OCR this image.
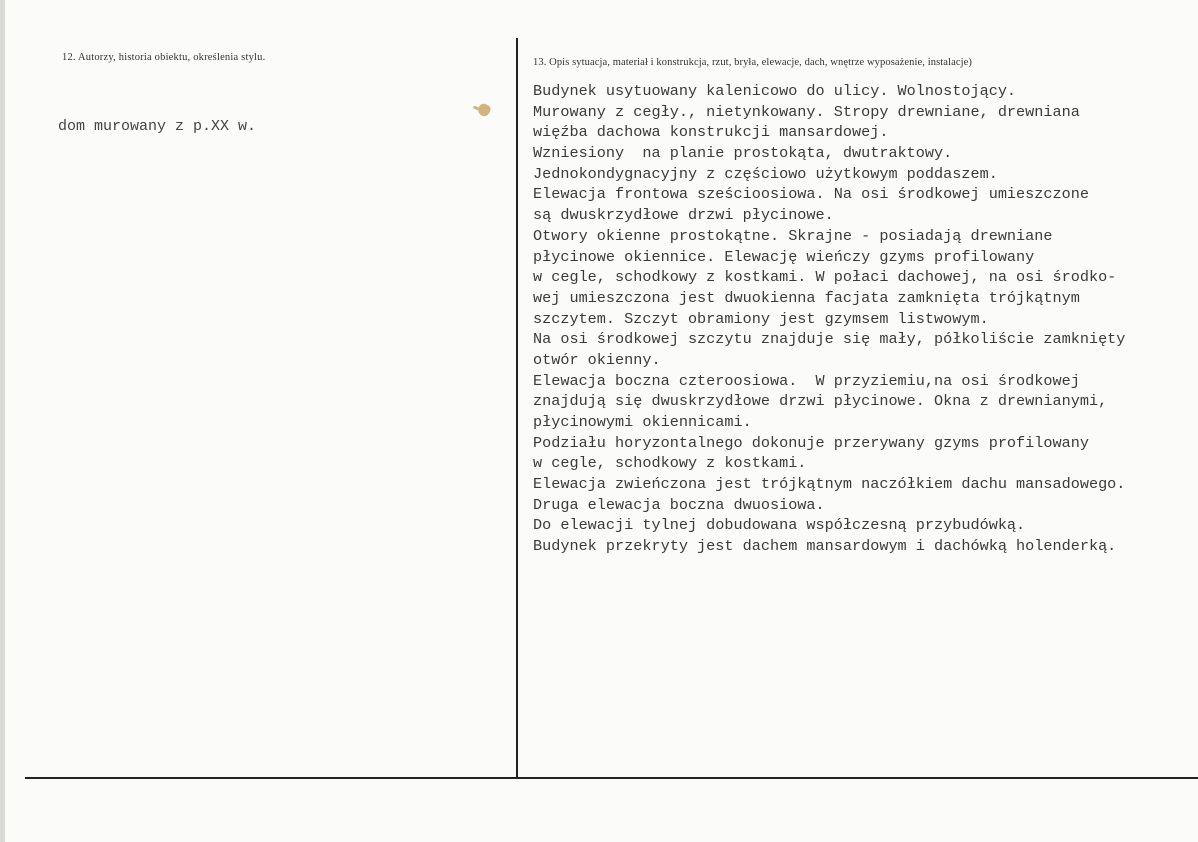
12. Autorzy, historia obiektu, określenia stylu.	13. Opis sytuacja, materiał i konstrukcja, rzut, bryła, elewacje, dach, wnętrze wyposażenie, instalacje)
dom murowany z p.XX w.
Budynek usytuowany kalenicowo do ulicy. Wolnostojący.
Murowany z cegły., nietynkowany. Stropy drewniane, drewniana
więźba dachowa konstrukcji mansardowej.
Wzniesiony  na planie prostokąta, dwutraktowy.
Jednokondygnacyjny z częściowo użytkowym poddaszem.
Elewacja frontowa sześcioosiowa. Na osi środkowej umieszczone
są dwuskrzydłowe drzwi płycinowe.
Otwory okienne prostokątne. Skrajne - posiadają drewniane
płycinowe okiennice. Elewację wieńczy gzyms profilowany
w cegle, schodkowy z kostkami. W połaci dachowej, na osi środko-
wej umieszczona jest dwuokienna facjata zamknięta trójkątnym
szczytem. Szczyt obramiony jest gzymsem listwowym.
Na osi środkowej szczytu znajduje się mały, półkoliście zamknięty
otwór okienny.
Elewacja boczna czteroosiowa.  W przyziemiu,na osi środkowej
znajdują się dwuskrzydłowe drzwi płycinowe. Okna z drewnianymi,
płycinowymi okiennicami.
Podziału horyzontalnego dokonuje przerywany gzyms profilowany
w cegle, schodkowy z kostkami.
Elewacja zwieńczona jest trójkątnym naczółkiem dachu mansadowego.
Druga elewacja boczna dwuosiowa.
Do elewacji tylnej dobudowana współczesną przybudówką.
Budynek przekryty jest dachem mansardowym i dachówką holenderką.
